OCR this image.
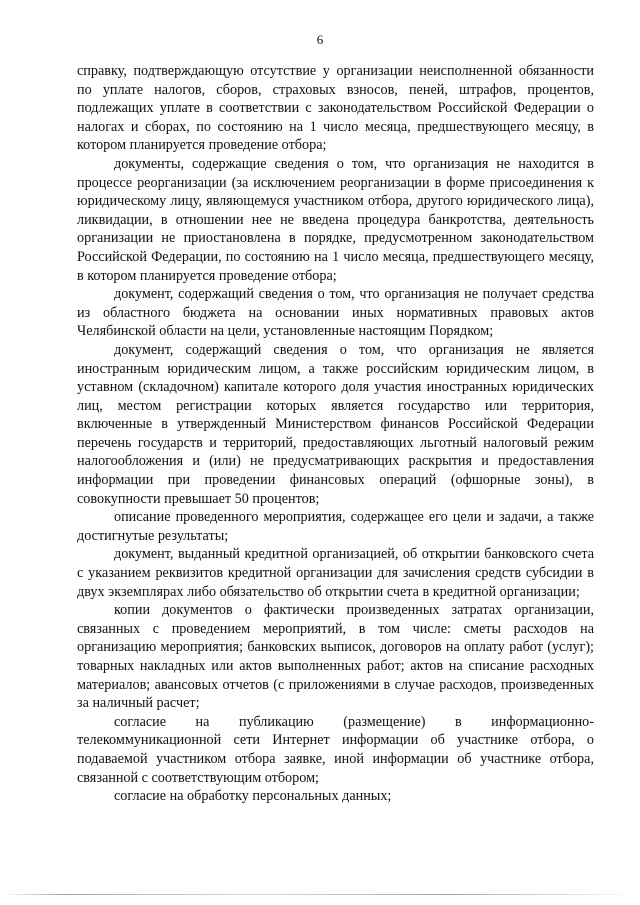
6

справку, подтверждающую отсутствие у организации неисполненной обязанности по уплате налогов, сборов, страховых взносов, пеней, штрафов, процентов, подлежащих уплате в соответствии с законодательством Российской Федерации о налогах и сборах, по состоянию на 1 число месяца, предшествующего месяцу, в котором планируется проведение отбора;

документы, содержащие сведения о том, что организация не находится в процессе реорганизации (за исключением реорганизации в форме присоединения к юридическому лицу, являющемуся участником отбора, другого юридического лица), ликвидации, в отношении нее не введена процедура банкротства, деятельность организации не приостановлена в порядке, предусмотренном законодательством Российской Федерации, по состоянию на 1 число месяца, предшествующего месяцу, в котором планируется проведение отбора;

документ, содержащий сведения о том, что организация не получает средства из областного бюджета на основании иных нормативных правовых актов Челябинской области на цели, установленные настоящим Порядком;

документ, содержащий сведения о том, что организация не является иностранным юридическим лицом, а также российским юридическим лицом, в уставном (складочном) капитале которого доля участия иностранных юридических лиц, местом регистрации которых является государство или территория, включенные в утвержденный Министерством финансов Российской Федерации перечень государств и территорий, предоставляющих льготный налоговый режим налогообложения и (или) не предусматривающих раскрытия и предоставления информации при проведении финансовых операций (офшорные зоны), в совокупности превышает 50 процентов;

описание проведенного мероприятия, содержащее его цели и задачи, а также достигнутые результаты;

документ, выданный кредитной организацией, об открытии банковского счета с указанием реквизитов кредитной организации для зачисления средств субсидии в двух экземплярах либо обязательство об открытии счета в кредитной организации;

копии документов о фактически произведенных затратах организации, связанных с проведением мероприятий, в том числе: сметы расходов на организацию мероприятия; банковских выписок, договоров на оплату работ (услуг); товарных накладных или актов выполненных работ; актов на списание расходных материалов; авансовых отчетов (с приложениями в случае расходов, произведенных за наличный расчет;

согласие на публикацию (размещение) в информационно-телекоммуникационной сети Интернет информации об участнике отбора, о подаваемой участником отбора заявке, иной информации об участнике отбора, связанной с соответствующим отбором;

согласие на обработку персональных данных;
